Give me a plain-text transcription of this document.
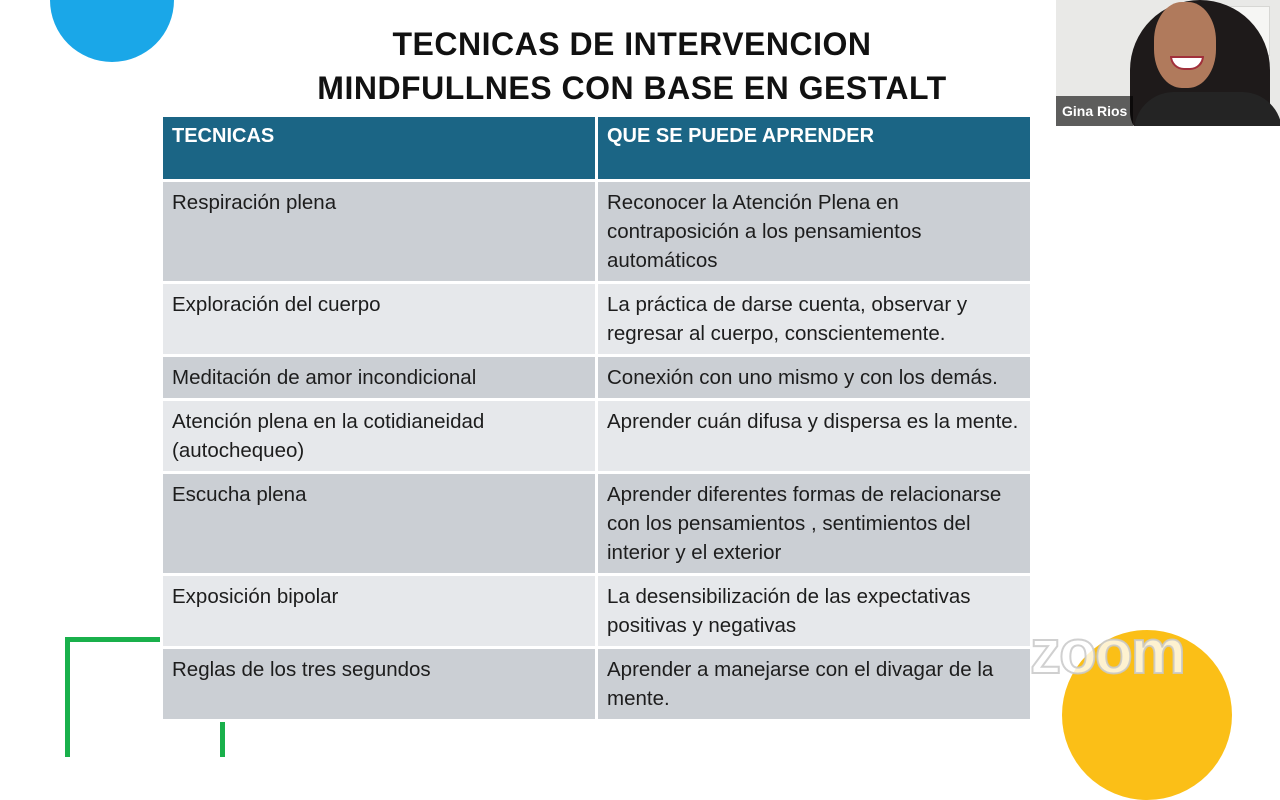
TECNICAS DE INTERVENCION
MINDFULLNES CON BASE EN GESTALT
TECNICAS	QUE SE PUEDE APRENDER
Respiración plena	Reconocer la Atención Plena en contraposición a los pensamientos automáticos
Exploración del cuerpo	La práctica de darse cuenta, observar y regresar al cuerpo, conscientemente.
Meditación de amor incondicional	Conexión con uno mismo y con los demás.
Atención plena en la cotidianeidad (autochequeo)	Aprender cuán difusa y dispersa es la mente.
Escucha plena	Aprender diferentes formas de relacionarse con los pensamientos , sentimientos del interior y el exterior
Exposición bipolar	La desensibilización de las expectativas positivas y negativas
Reglas de los tres segundos	Aprender a manejarse con el divagar de la mente.
Gina Rios
zoom
